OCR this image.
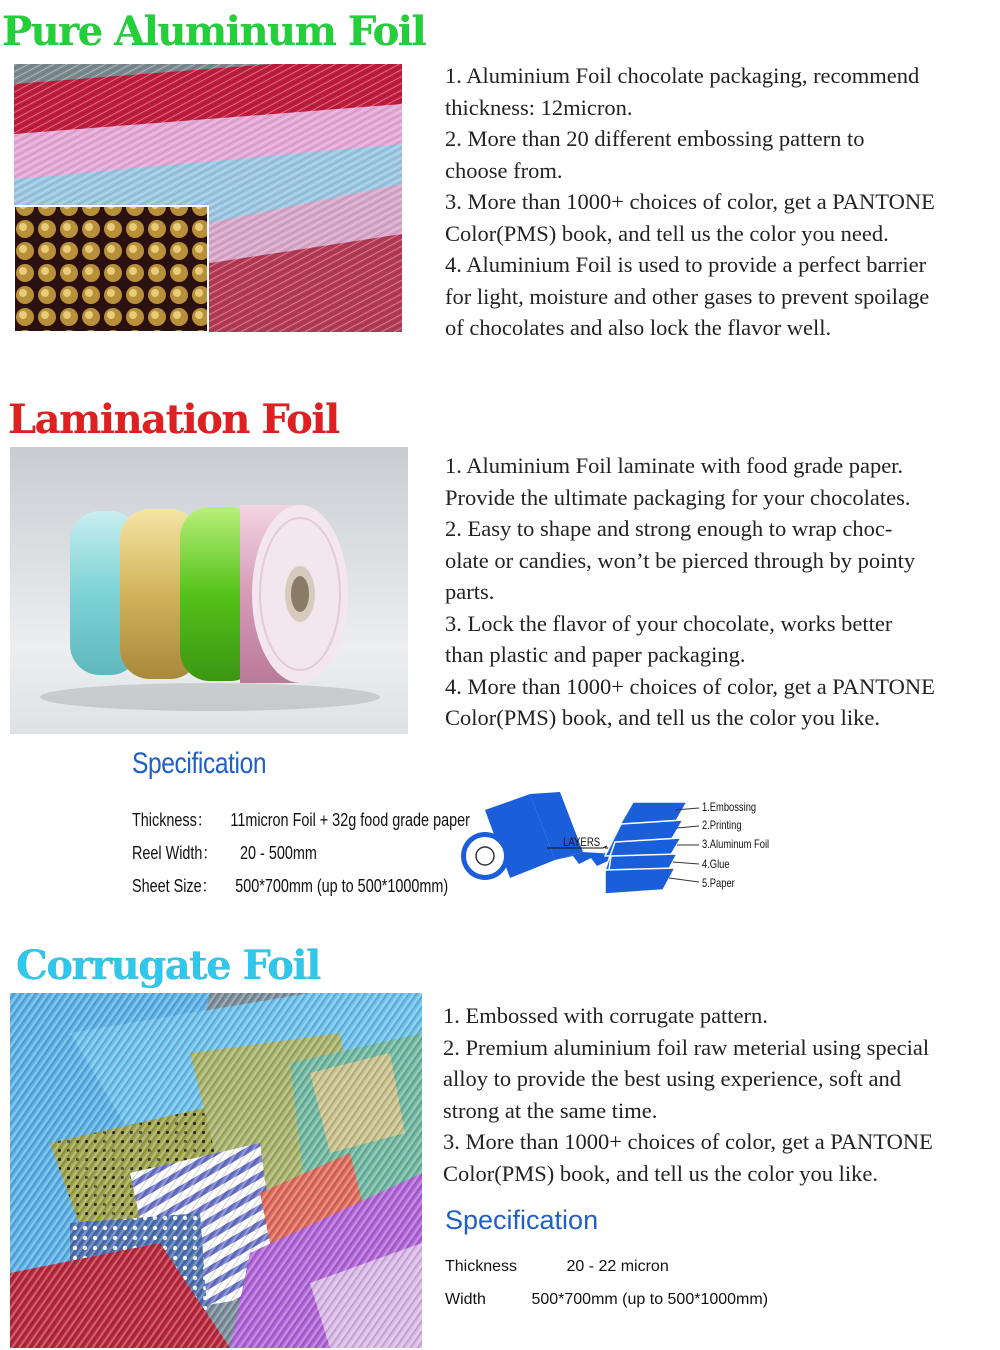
Pure Aluminum Foil
1. Aluminium Foil chocolate packaging, recommend
thickness: 12micron.
2. More than 20 different embossing pattern to
choose from.
3. More than 1000+ choices of color, get a PANTONE
Color(PMS) book, and tell us the color you need.
4. Aluminium Foil is used to provide a perfect barrier
for light, moisture and other gases to prevent spoilage
of chocolates and also lock the flavor well.
Lamination Foil
1. Aluminium Foil laminate with food grade paper.
Provide the ultimate packaging for your chocolates.
2. Easy to shape and strong enough to wrap choc-
olate or candies, won’t be pierced through by pointy
parts.
3. Lock the flavor of your chocolate, works better
than plastic and paper packaging.
4. More than 1000+ choices of color, get a PANTONE
Color(PMS) book, and tell us the color you like.
Specification
Thickness： 11micron Foil + 32g food grade paper
Reel Width： 20 - 500mm
Sheet Size： 500*700mm (up to 500*1000mm)
LAYERS
1.Embossing
2.Printing
3.Aluminum Foil
4.Glue
5.Paper
Corrugate Foil
1. Embossed with corrugate pattern.
2. Premium aluminium foil raw meterial using special
alloy to provide the best using experience, soft and
strong at the same time.
3. More than 1000+ choices of color, get a PANTONE
Color(PMS) book, and tell us the color you like.
Specification
Thickness	20 - 22 micron
Width	500*700mm (up to 500*1000mm)
